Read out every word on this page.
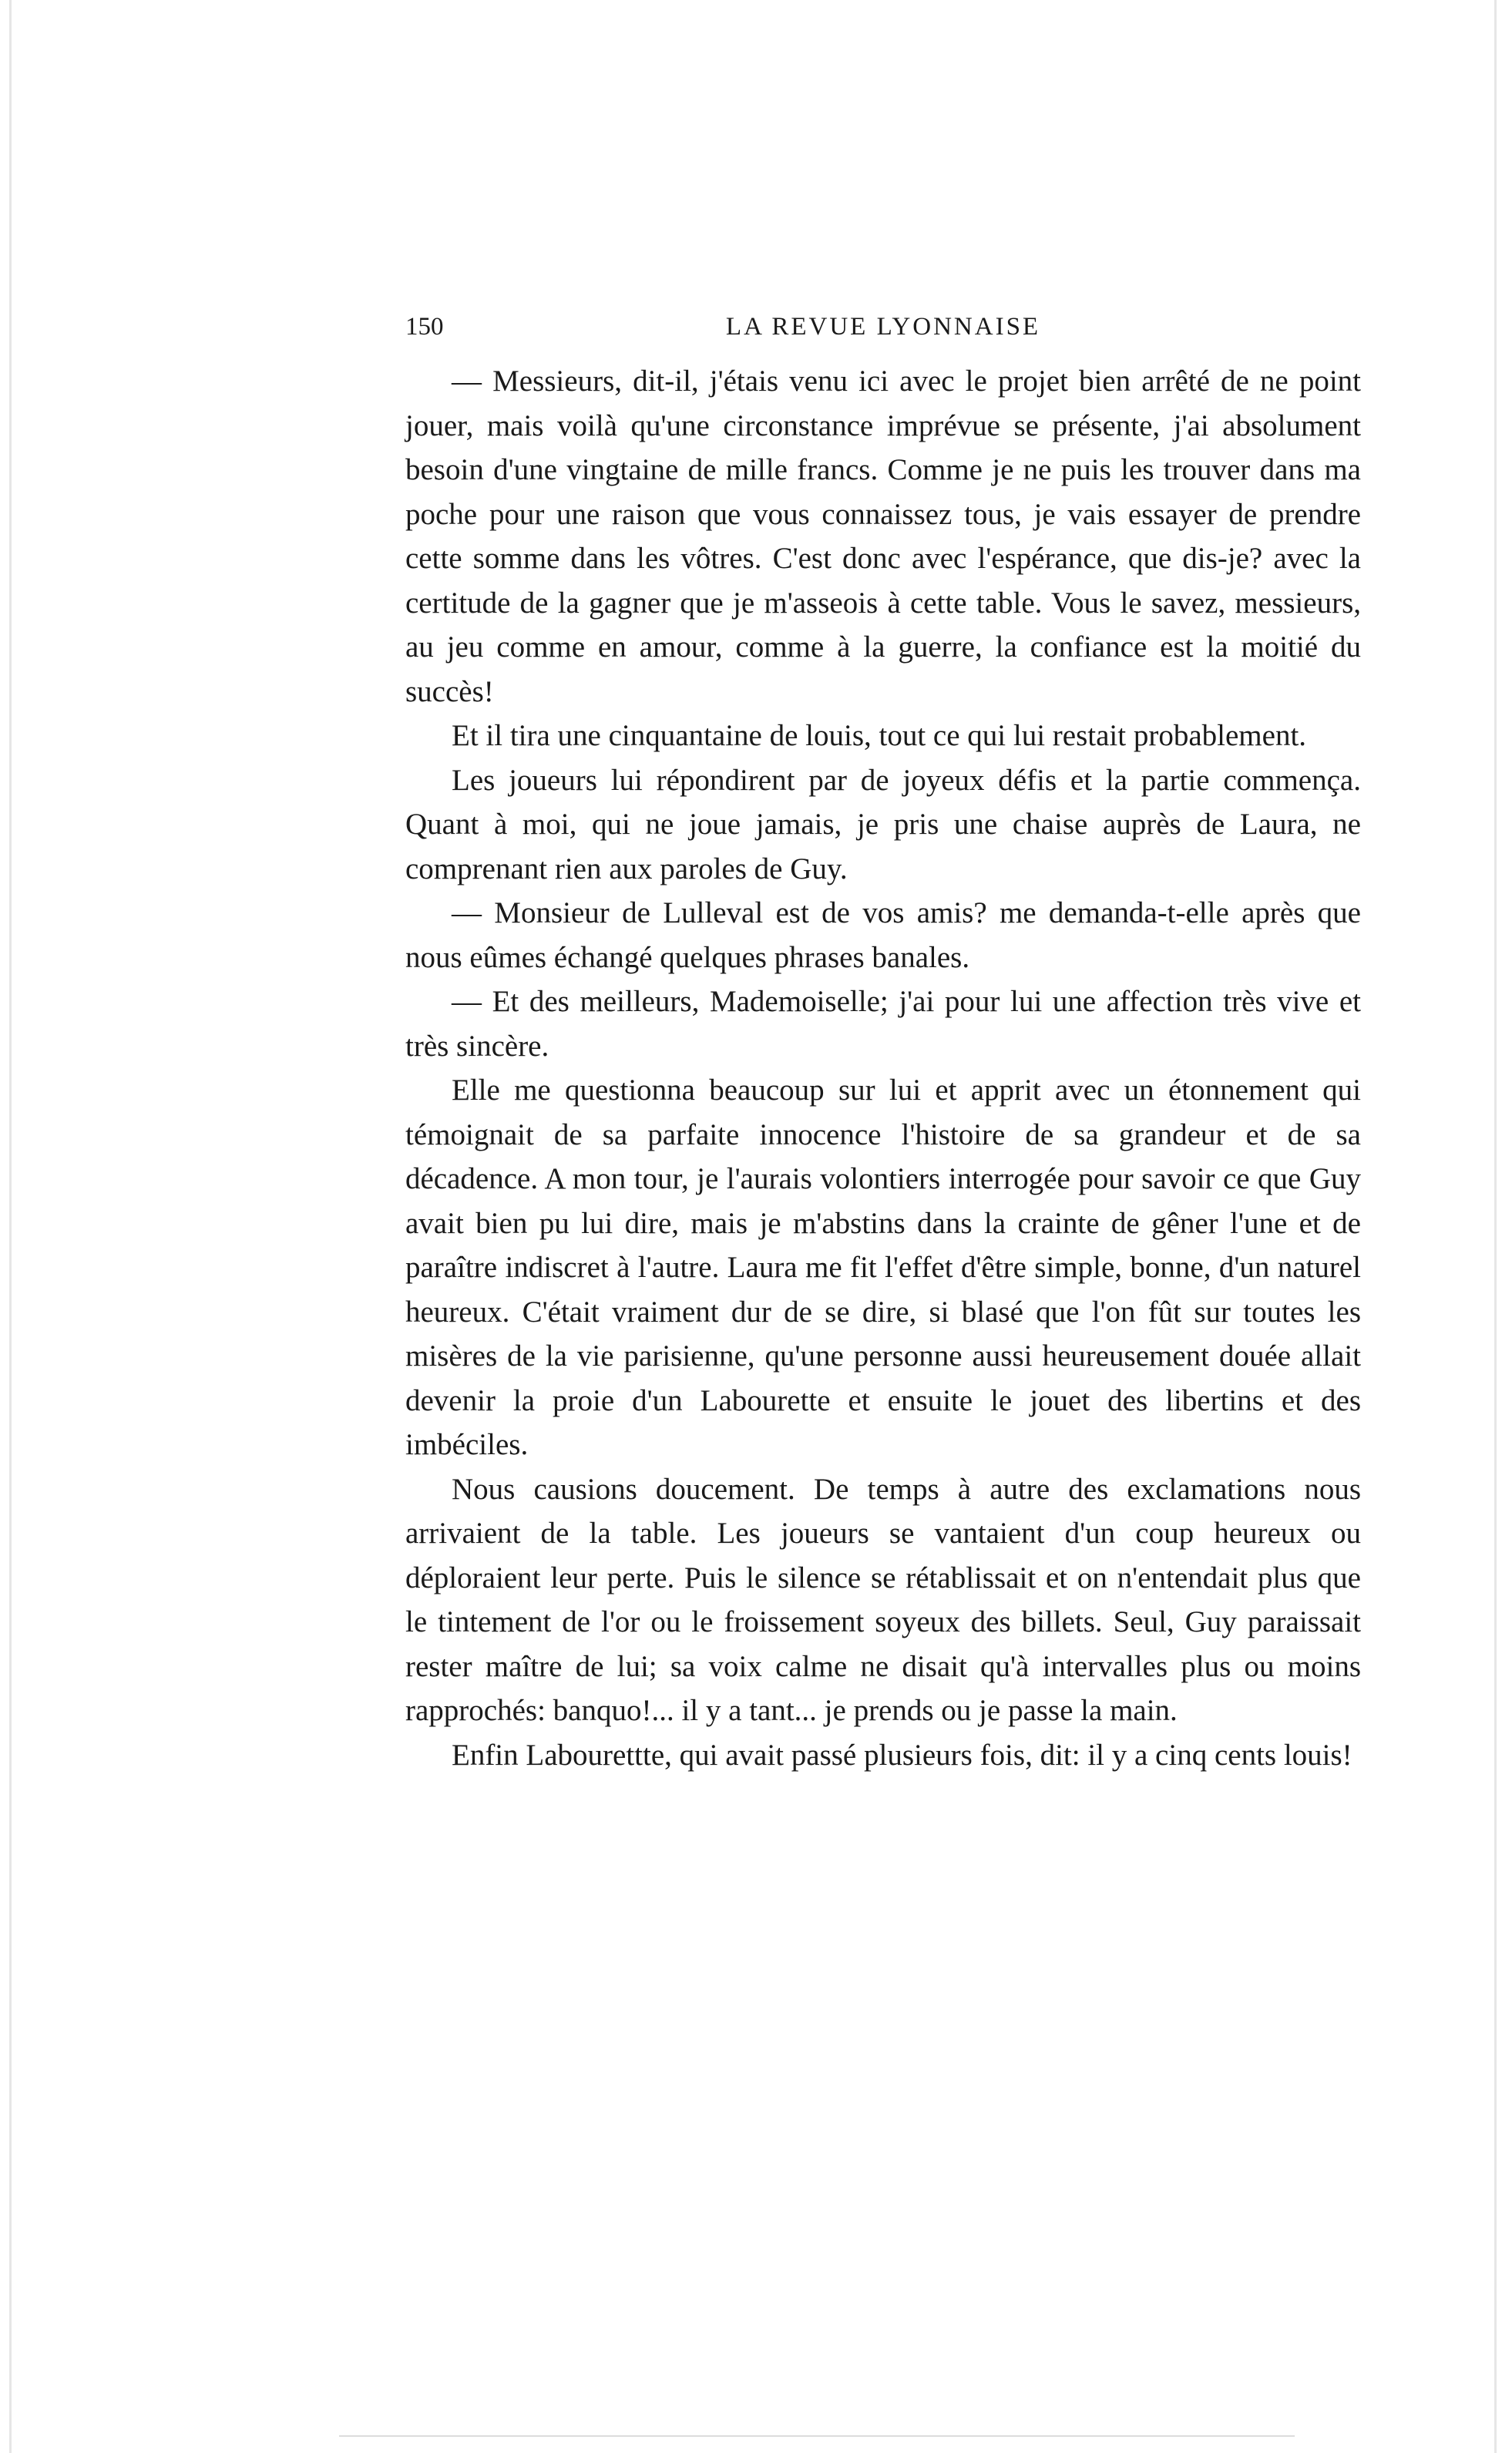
150	LA REVUE LYONNAISE

— Messieurs, dit-il, j'étais venu ici avec le projet bien arrêté de ne point jouer, mais voilà qu'une circonstance imprévue se présente, j'ai absolument besoin d'une vingtaine de mille francs. Comme je ne puis les trouver dans ma poche pour une raison que vous connaissez tous, je vais essayer de prendre cette somme dans les vôtres. C'est donc avec l'espérance, que dis-je? avec la certitude de la gagner que je m'asseois à cette table. Vous le savez, messieurs, au jeu comme en amour, comme à la guerre, la confiance est la moitié du succès!

Et il tira une cinquantaine de louis, tout ce qui lui restait probablement.

Les joueurs lui répondirent par de joyeux défis et la partie commença. Quant à moi, qui ne joue jamais, je pris une chaise auprès de Laura, ne comprenant rien aux paroles de Guy.

— Monsieur de Lulleval est de vos amis? me demanda-t-elle après que nous eûmes échangé quelques phrases banales.

— Et des meilleurs, Mademoiselle; j'ai pour lui une affection très vive et très sincère.

Elle me questionna beaucoup sur lui et apprit avec un étonnement qui témoignait de sa parfaite innocence l'histoire de sa grandeur et de sa décadence. A mon tour, je l'aurais volontiers interrogée pour savoir ce que Guy avait bien pu lui dire, mais je m'abstins dans la crainte de gêner l'une et de paraître indiscret à l'autre. Laura me fit l'effet d'être simple, bonne, d'un naturel heureux. C'était vraiment dur de se dire, si blasé que l'on fût sur toutes les misères de la vie parisienne, qu'une personne aussi heureusement douée allait devenir la proie d'un Labourette et ensuite le jouet des libertins et des imbéciles.

Nous causions doucement. De temps à autre des exclamations nous arrivaient de la table. Les joueurs se vantaient d'un coup heureux ou déploraient leur perte. Puis le silence se rétablissait et on n'entendait plus que le tintement de l'or ou le froissement soyeux des billets. Seul, Guy paraissait rester maître de lui; sa voix calme ne disait qu'à intervalles plus ou moins rapprochés: banquo!... il y a tant... je prends ou je passe la main.

Enfin Labourettte, qui avait passé plusieurs fois, dit: il y a cinq cents louis!
